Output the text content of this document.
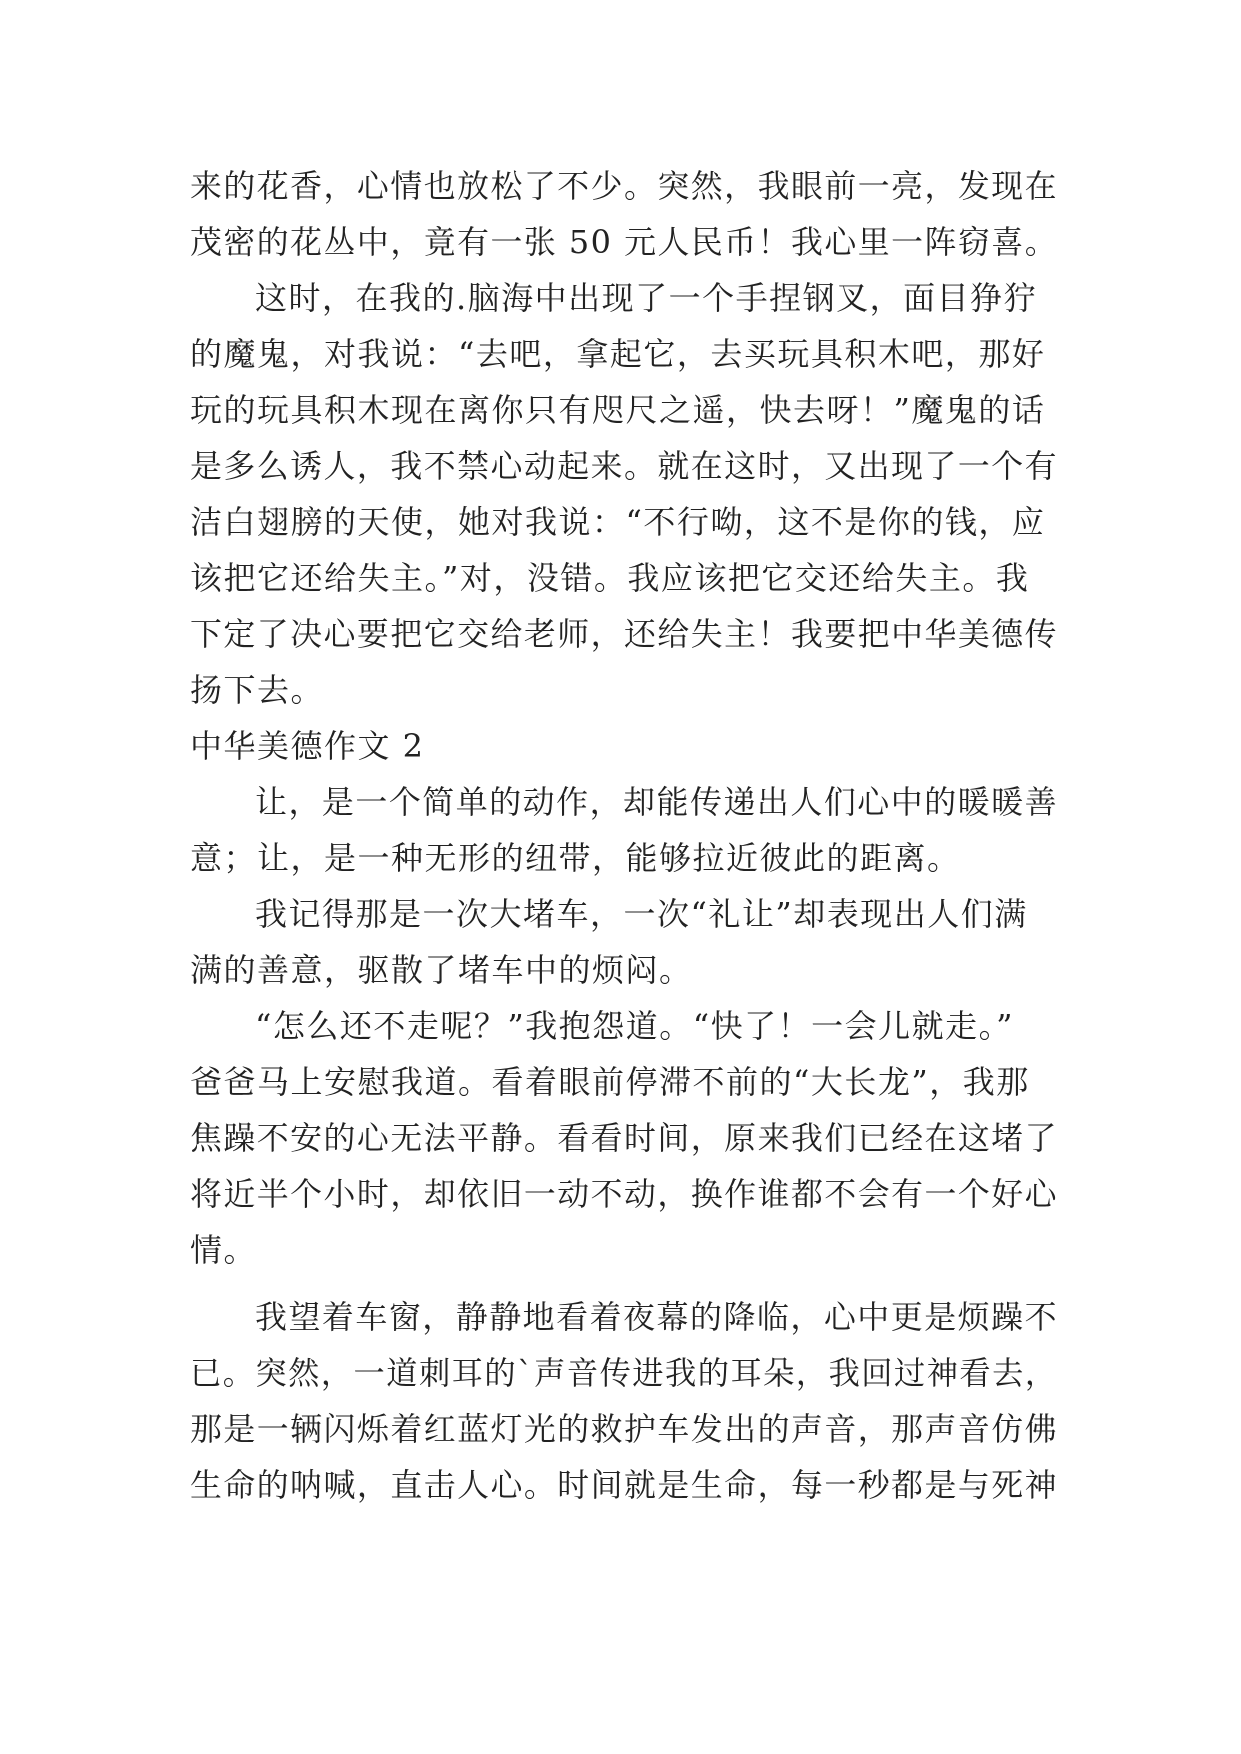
来的花香，心情也放松了不少。突然，我眼前一亮，发现在
茂密的花丛中，竟有一张 50 元人民币！我心里一阵窃喜。
这时，在我的.脑海中出现了一个手捏钢叉，面目狰狞
的魔鬼，对我说：“去吧，拿起它，去买玩具积木吧，那好
玩的玩具积木现在离你只有咫尺之遥，快去呀！”魔鬼的话
是多么诱人，我不禁心动起来。就在这时，又出现了一个有
洁白翅膀的天使，她对我说：“不行呦，这不是你的钱，应
该把它还给失主。”对，没错。我应该把它交还给失主。我
下定了决心要把它交给老师，还给失主！我要把中华美德传
扬下去。
中华美德作文 2
让，是一个简单的动作，却能传递出人们心中的暖暖善
意；让，是一种无形的纽带，能够拉近彼此的距离。
我记得那是一次大堵车，一次“礼让”却表现出人们满
满的善意，驱散了堵车中的烦闷。
“怎么还不走呢？”我抱怨道。“快了！一会儿就走。”
爸爸马上安慰我道。看着眼前停滞不前的“大长龙”，我那
焦躁不安的心无法平静。看看时间，原来我们已经在这堵了
将近半个小时，却依旧一动不动，换作谁都不会有一个好心
情。
我望着车窗，静静地看着夜幕的降临，心中更是烦躁不
已。突然，一道刺耳的`声音传进我的耳朵，我回过神看去，
那是一辆闪烁着红蓝灯光的救护车发出的声音，那声音仿佛
生命的呐喊，直击人心。时间就是生命，每一秒都是与死神
